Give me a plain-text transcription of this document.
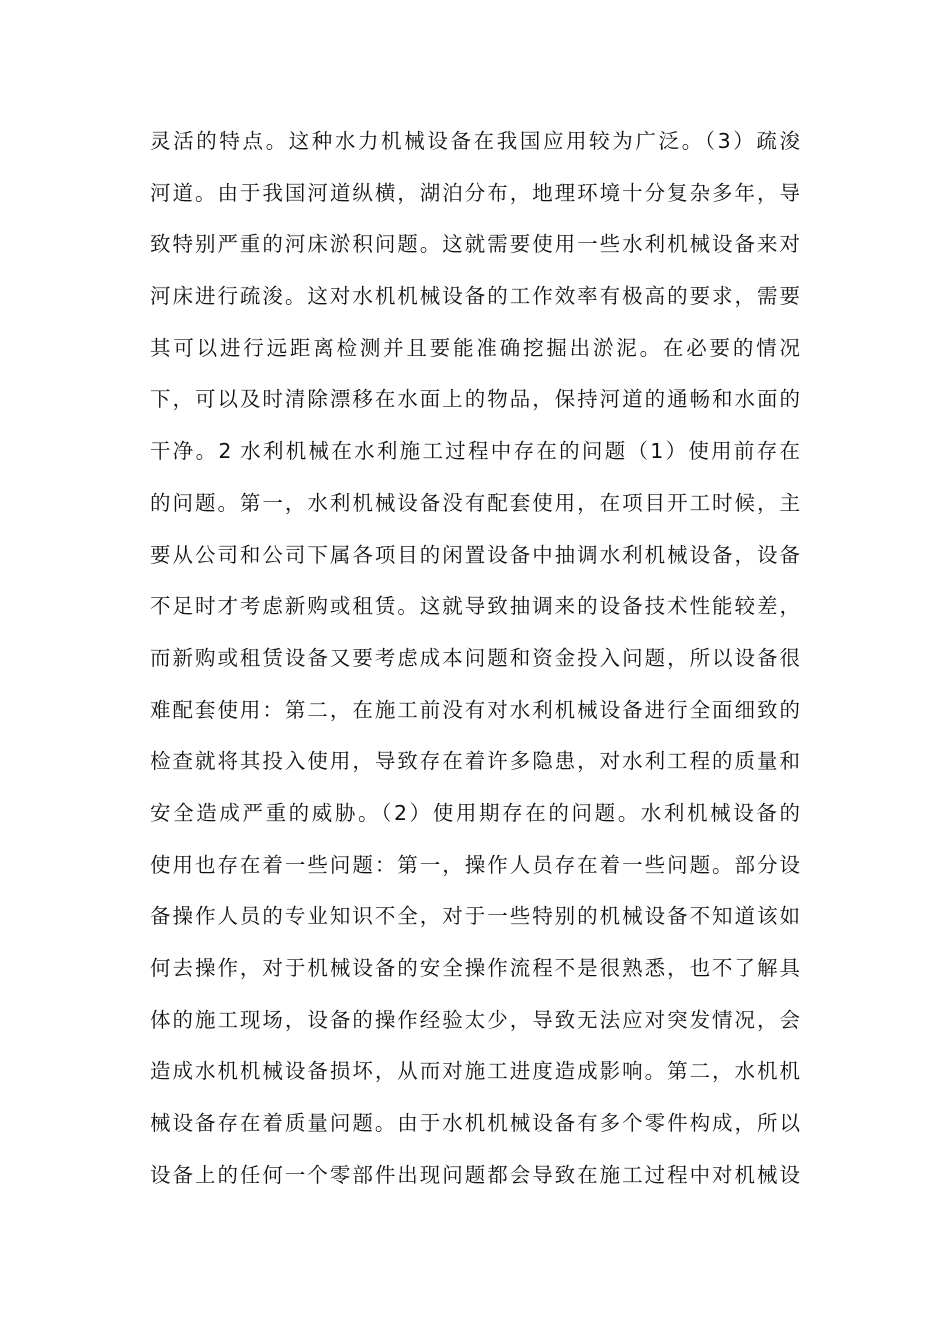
灵活的特点。这种水力机械设备在我国应用较为广泛。（3）疏浚
河道。由于我国河道纵横，湖泊分布，地理环境十分复杂多年，导
致特别严重的河床淤积问题。这就需要使用一些水利机械设备来对
河床进行疏浚。这对水机机械设备的工作效率有极高的要求，需要
其可以进行远距离检测并且要能准确挖掘出淤泥。在必要的情况
下，可以及时清除漂移在水面上的物品，保持河道的通畅和水面的
干净。2 水利机械在水利施工过程中存在的问题（1）使用前存在
的问题。第一，水利机械设备没有配套使用，在项目开工时候，主
要从公司和公司下属各项目的闲置设备中抽调水利机械设备，设备
不足时才考虑新购或租赁。这就导致抽调来的设备技术性能较差，
而新购或租赁设备又要考虑成本问题和资金投入问题，所以设备很
难配套使用：第二，在施工前没有对水利机械设备进行全面细致的
检查就将其投入使用，导致存在着许多隐患，对水利工程的质量和
安全造成严重的威胁。（2）使用期存在的问题。水利机械设备的
使用也存在着一些问题：第一，操作人员存在着一些问题。部分设
备操作人员的专业知识不全，对于一些特别的机械设备不知道该如
何去操作，对于机械设备的安全操作流程不是很熟悉，也不了解具
体的施工现场，设备的操作经验太少，导致无法应对突发情况，会
造成水机机械设备损坏，从而对施工进度造成影响。第二，水机机
械设备存在着质量问题。由于水机机械设备有多个零件构成，所以
设备上的任何一个零部件出现问题都会导致在施工过程中对机械设
